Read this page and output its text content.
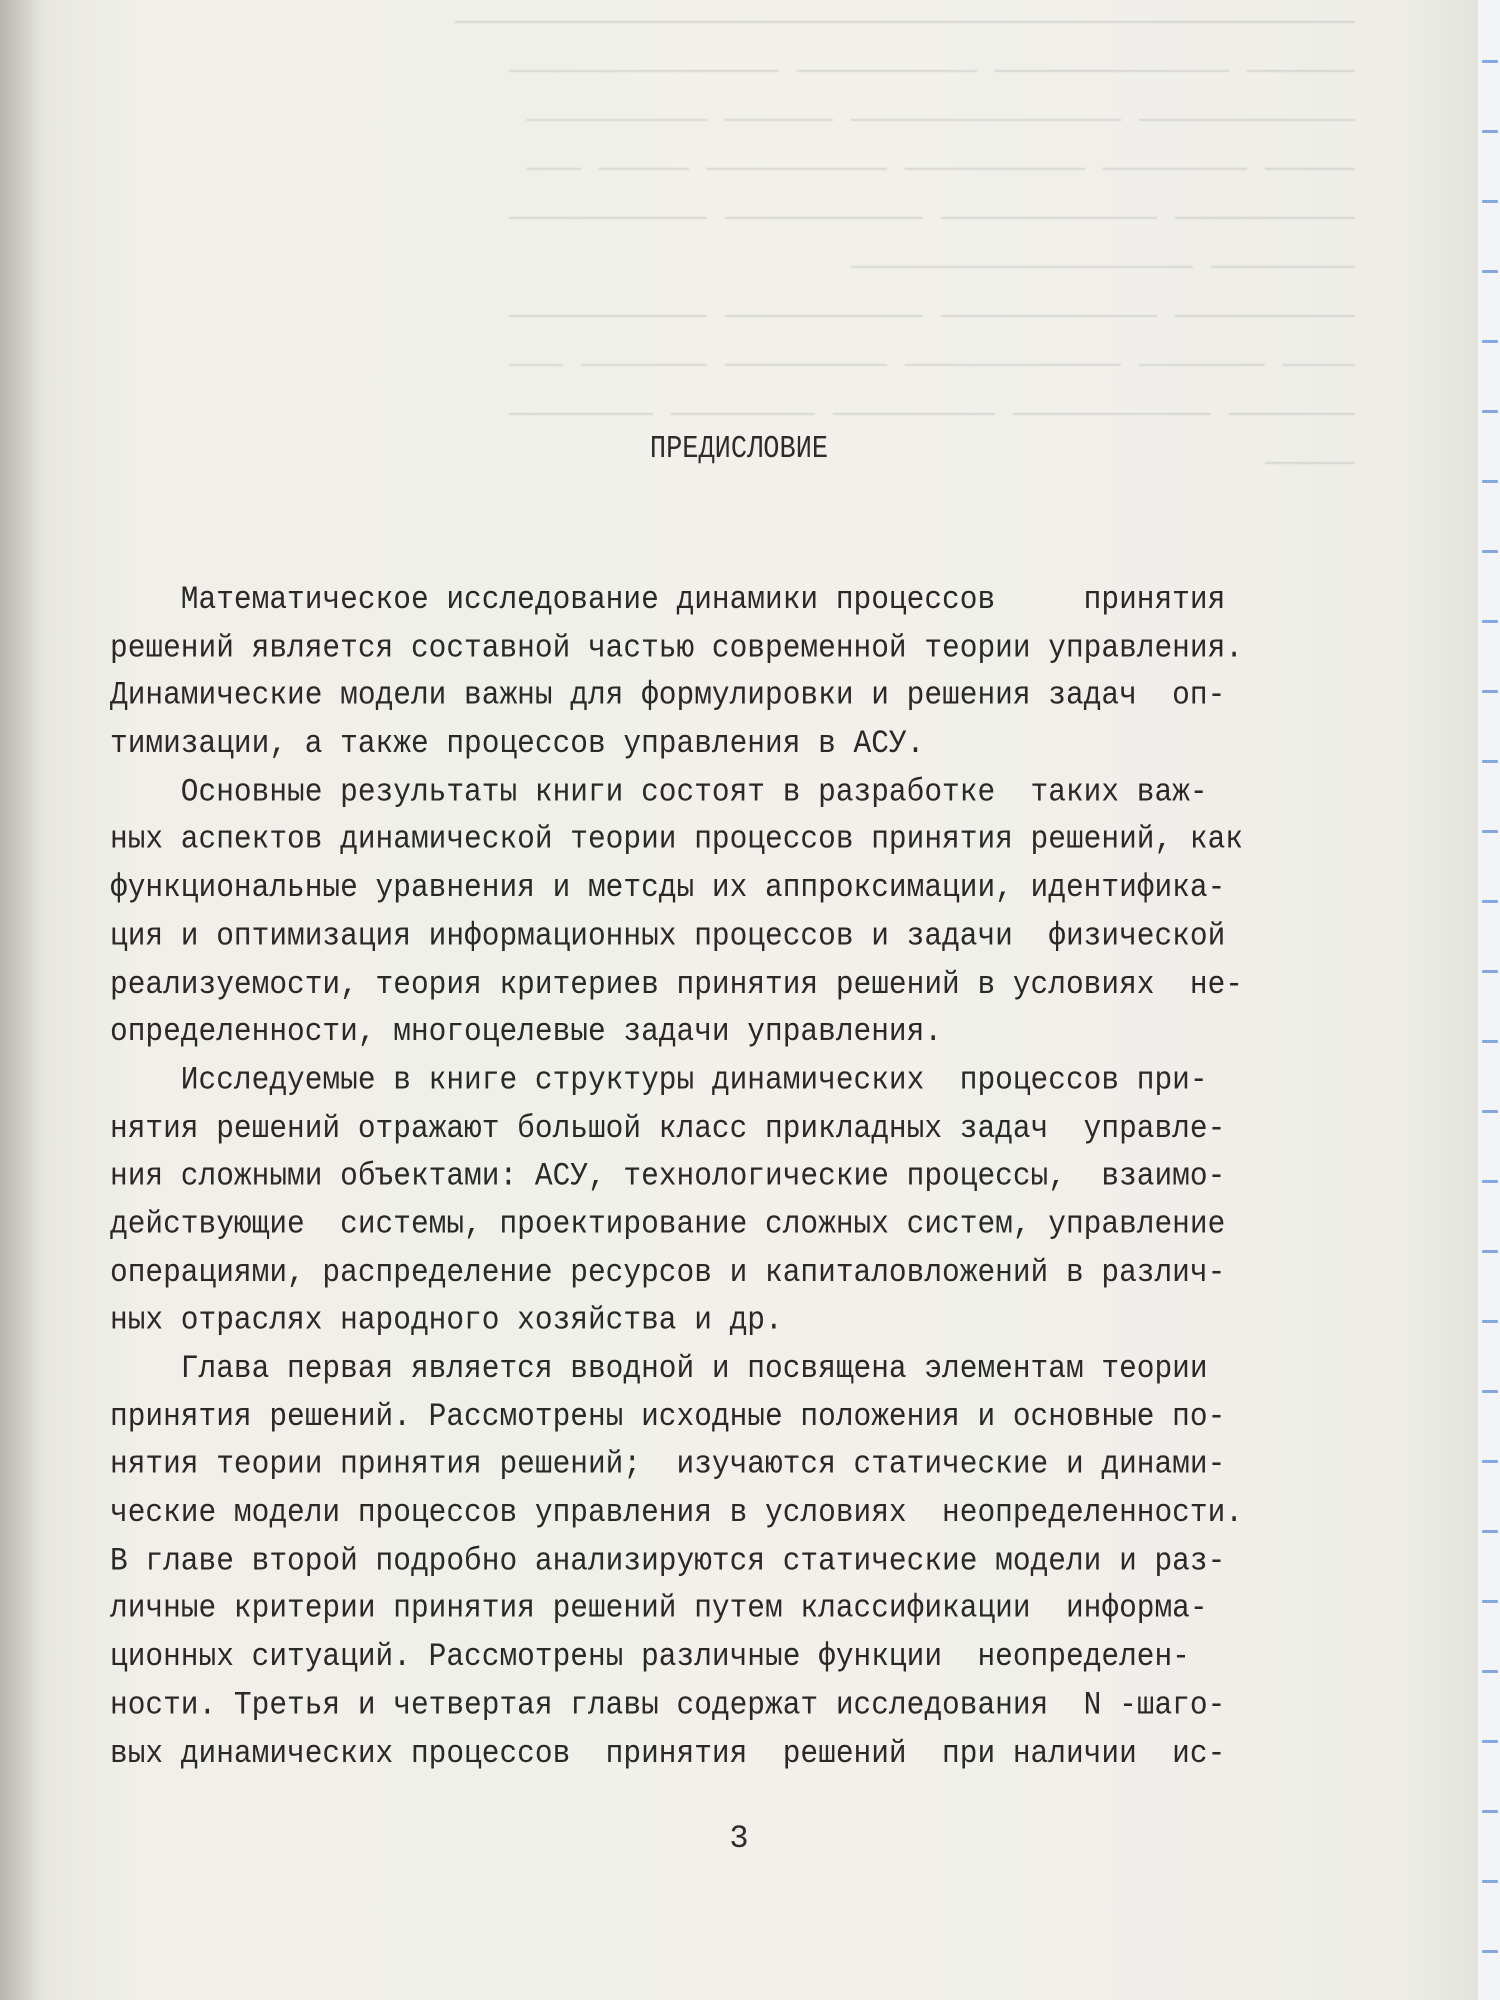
──────────────────────────────────────────────────
────── ───────────── ────────── ───────────────
──────────── ─────────────── ────── ──────────
───── ──────── ────────── ────────── ───── ───
────────── ──────────── ─────────── ───────────
──────── ───────────────────
────────── ──────────── ─────────── ───────────
──── ─────── ──────────── ───────── ─────── ───
─────── ─────────── ───────── ──────── ────────
─────
ПРЕДИСЛОВИЕ
Математическое исследование динамики процессов     принятия
решений является составной частью современной теории управления.
Динамические модели важны для формулировки и решения задач  оп-
тимизации, а также процессов управления в АСУ.
Основные результаты книги состоят в разработке  таких важ-
ных аспектов динамической теории процессов принятия решений, как
функциональные уравнения и метсды их аппроксимации, идентифика-
ция и оптимизация информационных процессов и задачи  физической
реализуемости, теория критериев принятия решений в условиях  не-
определенности, многоцелевые задачи управления.
Исследуемые в книге структуры динамических  процессов при-
нятия решений отражают большой класс прикладных задач  управле-
ния сложными объектами: АСУ, технологические процессы,  взаимо-
действующие  системы, проектирование сложных систем, управление
операциями, распределение ресурсов и капиталовложений в различ-
ных отраслях народного хозяйства и др.
Глава первая является вводной и посвящена элементам теории
принятия решений. Рассмотрены исходные положения и основные по-
нятия теории принятия решений;  изучаются статические и динами-
ческие модели процессов управления в условиях  неопределенности.
В главе второй подробно анализируются статические модели и раз-
личные критерии принятия решений путем классификации  информа-
ционных ситуаций. Рассмотрены различные функции  неопределен-
ности. Третья и четвертая главы содержат исследования  N -шаго-
вых динамических процессов  принятия  решений  при наличии  ис-
3
